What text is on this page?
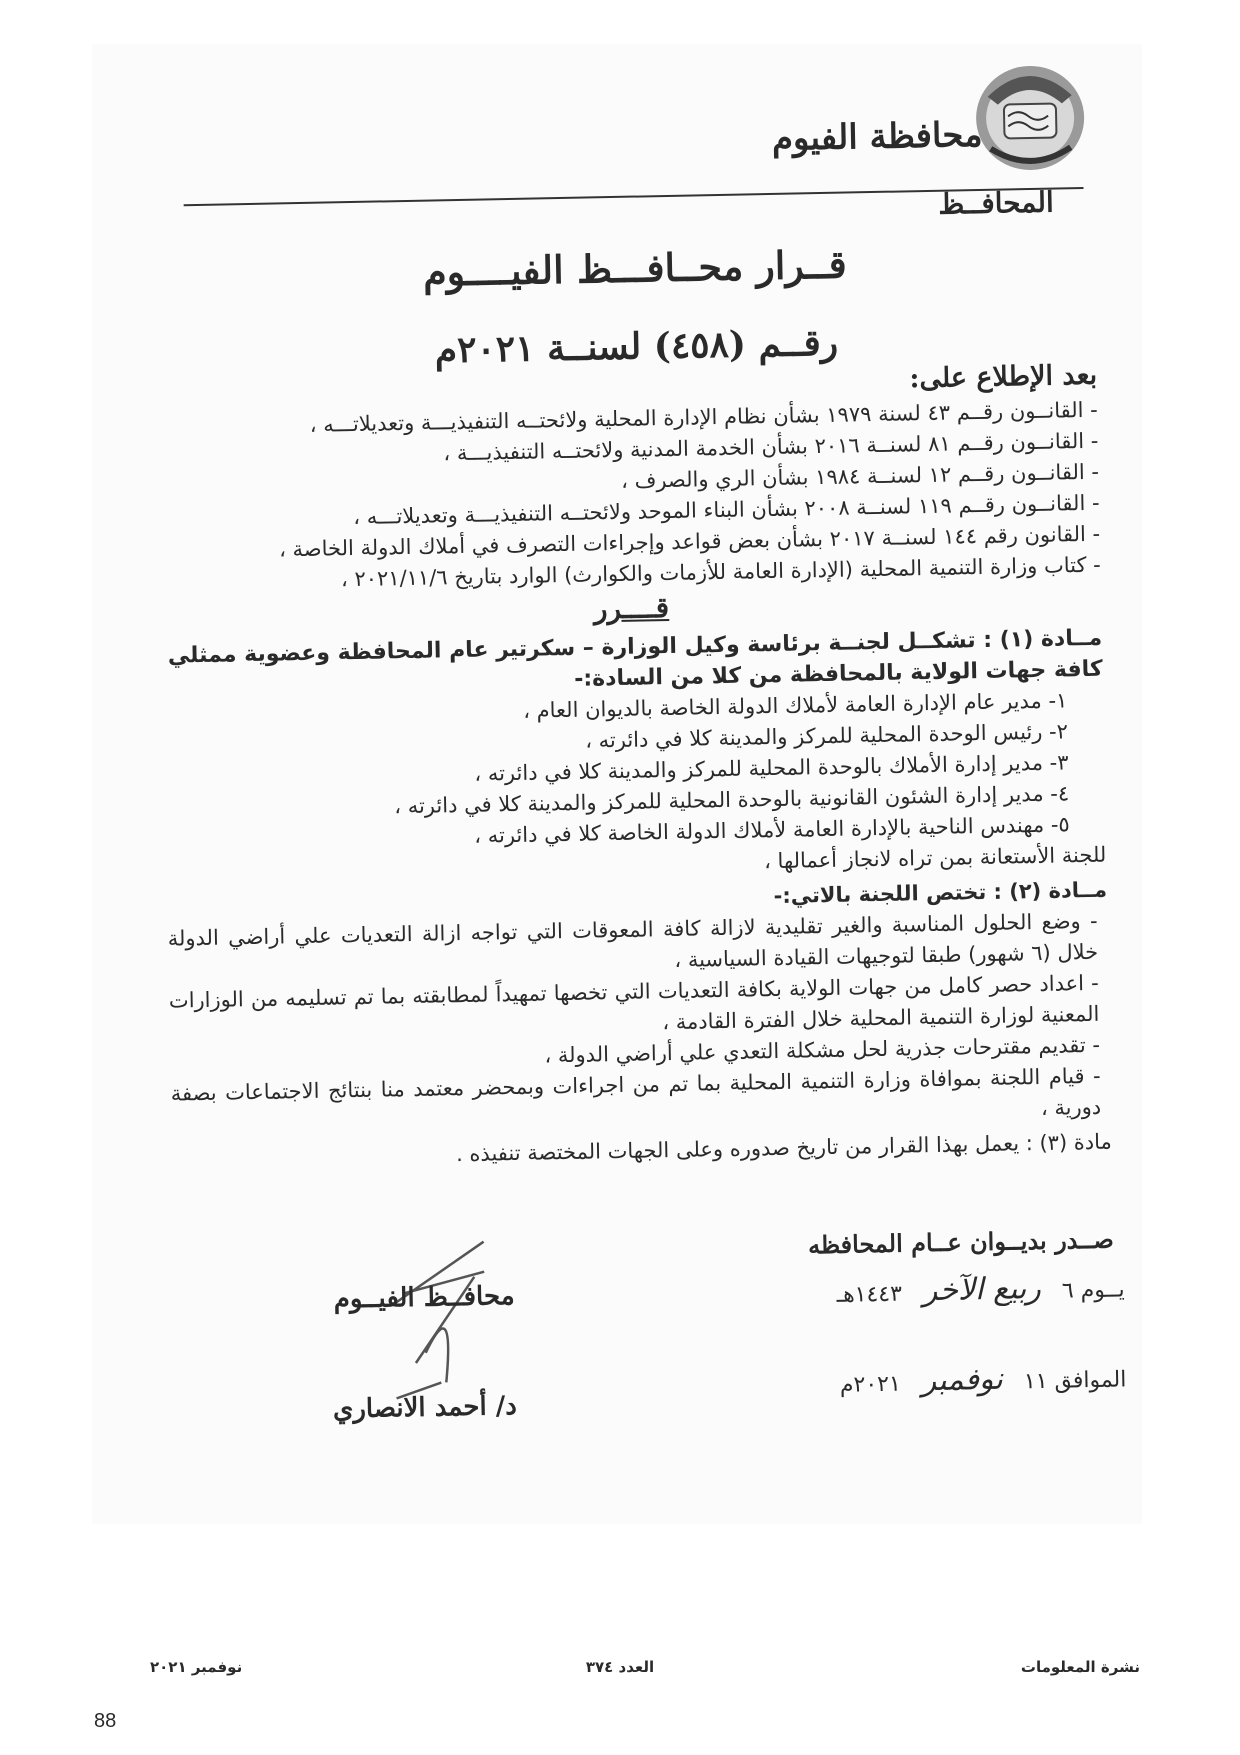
محافظة الفيوم
المحافــظ
قــرار محــافـــظ الفيــــوم
رقــم (٤٥٨) لسنــة ٢٠٢١م
بعد الإطلاع على:
- القانــون رقــم ٤٣ لسنة ١٩٧٩ بشأن نظام الإدارة المحلية ولائحتــه التنفيذيـــة وتعديلاتـــه ،
- القانــون رقــم ٨١ لسنــة ٢٠١٦ بشأن الخدمة المدنية ولائحتــه التنفيذيـــة ،
- القانــون رقــم ١٢ لسنــة ١٩٨٤ بشأن الري والصرف ،
- القانــون رقــم ١١٩ لسنــة ٢٠٠٨ بشأن البناء الموحد ولائحتــه التنفيذيـــة وتعديلاتـــه ،
- القانون رقم ١٤٤ لسنــة ٢٠١٧ بشأن بعض قواعد وإجراءات التصرف في أملاك الدولة الخاصة ،
- كتاب وزارة التنمية المحلية (الإدارة العامة للأزمات والكوارث) الوارد بتاريخ ٢٠٢١/١١/٦ ،
قــــرر
مــادة (١) : تشكــل لجنــة برئاسة وكيل الوزارة – سكرتير عام المحافظة وعضوية ممثلي كافة جهات الولاية بالمحافظة من كلا من السادة:-
١- مدير عام الإدارة العامة لأملاك الدولة الخاصة بالديوان العام ،
٢- رئيس الوحدة المحلية للمركز والمدينة كلا في دائرته ،
٣- مدير إدارة الأملاك بالوحدة المحلية للمركز والمدينة كلا في دائرته ،
٤- مدير إدارة الشئون القانونية بالوحدة المحلية للمركز والمدينة كلا في دائرته ،
٥- مهندس الناحية بالإدارة العامة لأملاك الدولة الخاصة كلا في دائرته ،
للجنة الأستعانة بمن تراه لانجاز أعمالها ،
مــادة (٢) : تختص اللجنة بالاتي:-
- وضع الحلول المناسبة والغير تقليدية لازالة كافة المعوقات التي تواجه ازالة التعديات علي أراضي الدولة خلال (٦ شهور) طبقا لتوجيهات القيادة السياسية ،
- اعداد حصر كامل من جهات الولاية بكافة التعديات التي تخصها تمهيداً لمطابقته بما تم تسليمه من الوزارات المعنية لوزارة التنمية المحلية خلال الفترة القادمة ،
- تقديم مقترحات جذرية لحل مشكلة التعدي علي أراضي الدولة ،
- قيام اللجنة بموافاة وزارة التنمية المحلية بما تم من اجراءات وبمحضر معتمد منا بنتائج الاجتماعات بصفة دورية ،
مادة (٣) : يعمل بهذا القرار من تاريخ صدوره وعلى الجهات المختصة تنفيذه .
صــدر بديــوان عــام المحافظه
يــوم ٦ ربيع الآخر ١٤٤٣هـ
الموافق ١١ نوفمبر ٢٠٢١م
محافــظ الفيــوم
د/ أحمد الانصاري
نشرة المعلومات
العدد ٣٧٤
نوفمبر ٢٠٢١
88
